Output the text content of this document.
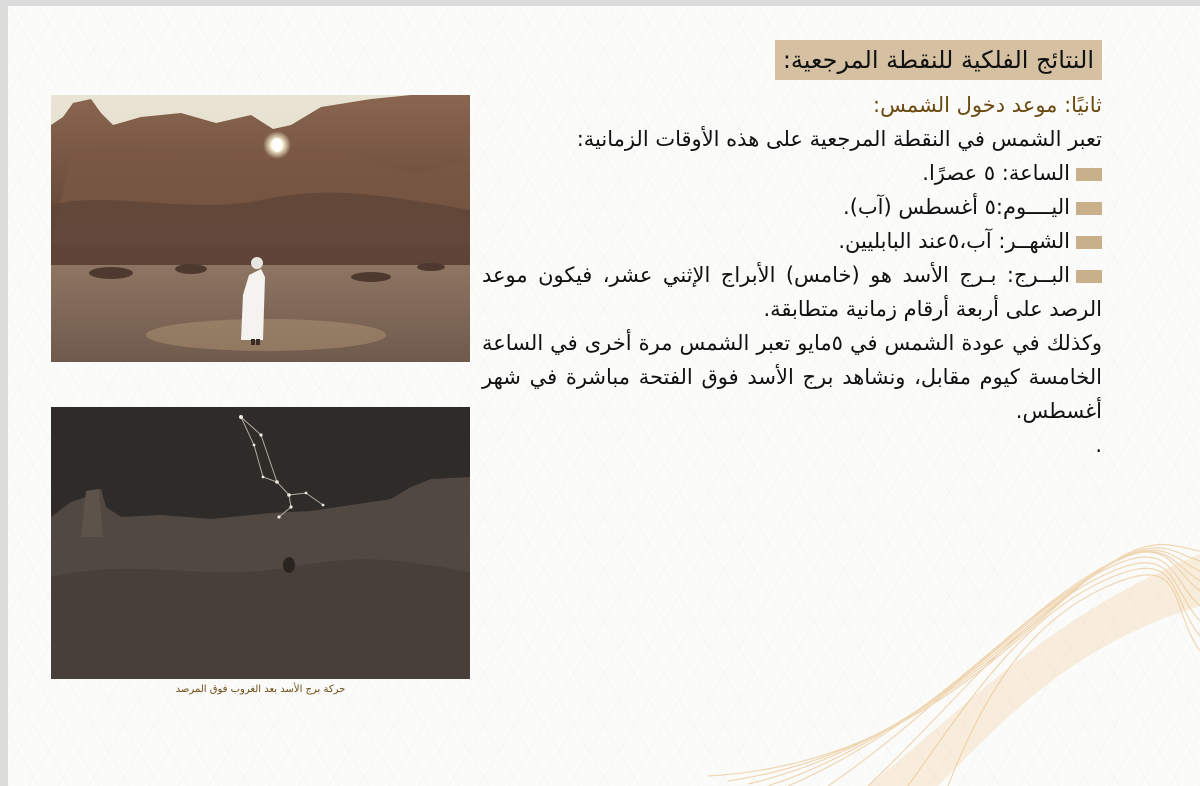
النتائج الفلكية للنقطة المرجعية:

ثانيًا: موعد دخول الشمس:

تعبر الشمس في النقطة المرجعية على هذه الأوقات الزمانية:

الساعة: ٥ عصرًا.

اليــــوم:٥ أغسطس (آب).

الشهــر: آب،٥عند البابليين.

البــرج: بـرج الأسد هو (خامس) الأبراج الإثني عشر، فيكون موعد الرصد على أربعة أرقام زمانية متطابقة.

وكذلك في عودة الشمس في ٥مايو تعبر الشمس مرة أخرى في الساعة الخامسة كيوم مقابل، ونشاهد برج الأسد فوق الفتحة مباشرة في شهر أغسطس.

.

حركة برج الأسد بعد الغروب فوق المرصد
